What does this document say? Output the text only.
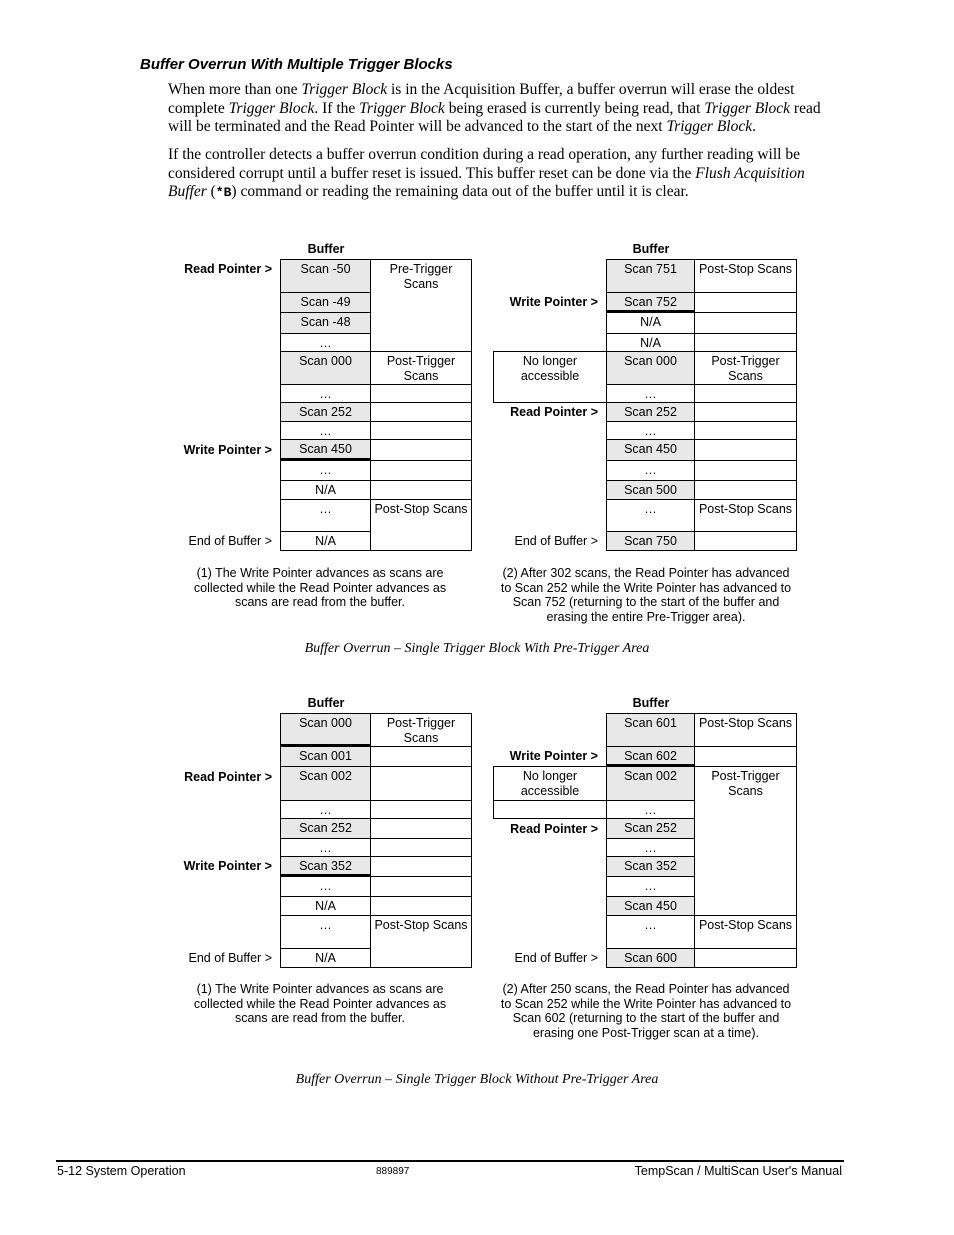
Buffer Overrun With Multiple Trigger Blocks
When more than one Trigger Block is in the Acquisition Buffer, a buffer overrun will erase the oldest complete Trigger Block. If the Trigger Block being erased is currently being read, that Trigger Block read will be terminated and the Read Pointer will be advanced to the start of the next Trigger Block.
If the controller detects a buffer overrun condition during a read operation, any further reading will be considered corrupt until a buffer reset is issued. This buffer reset can be done via the Flush Acquisition Buffer (*B) command or reading the remaining data out of the buffer until it is clear.
Buffer
Read Pointer >
Write Pointer >
End of Buffer >
Scan -50
Scan -49
Scan -48
…
Scan 000
…
Scan 252
…
Scan 450
…
N/A
…
N/A
Pre-Trigger Scans
Post-Trigger Scans
Post-Stop Scans
(1) The Write Pointer advances as scans are collected while the Read Pointer advances as scans are read from the buffer.
Buffer
Write Pointer >
Read Pointer >
End of Buffer >
No longer accessible
Scan 751
Scan 752
N/A
N/A
Scan 000
…
Scan 252
…
Scan 450
…
Scan 500
…
Scan 750
Post-Stop Scans
Post-Trigger Scans
Post-Stop Scans
(2) After 302 scans, the Read Pointer has advanced to Scan 252 while the Write Pointer has advanced to Scan 752 (returning to the start of the buffer and erasing the entire Pre-Trigger area).
Buffer Overrun – Single Trigger Block With Pre-Trigger Area
Buffer
Read Pointer >
Write Pointer >
End of Buffer >
Scan 000
Scan 001
Scan 002
…
Scan 252
…
Scan 352
…
N/A
…
N/A
Post-Trigger Scans
Post-Stop Scans
(1) The Write Pointer advances as scans are collected while the Read Pointer advances as scans are read from the buffer.
Buffer
Write Pointer >
Read Pointer >
End of Buffer >
No longer accessible
Scan 601
Scan 602
Scan 002
…
Scan 252
…
Scan 352
…
Scan 450
…
Scan 600
Post-Stop Scans
Post-Trigger Scans
Post-Stop Scans
(2) After 250 scans, the Read Pointer has advanced to Scan 252 while the Write Pointer has advanced to Scan 602 (returning to the start of the buffer and erasing one Post-Trigger scan at a time).
Buffer Overrun – Single Trigger Block Without Pre-Trigger Area
5-12 System Operation	889897	TempScan / MultiScan User's Manual
